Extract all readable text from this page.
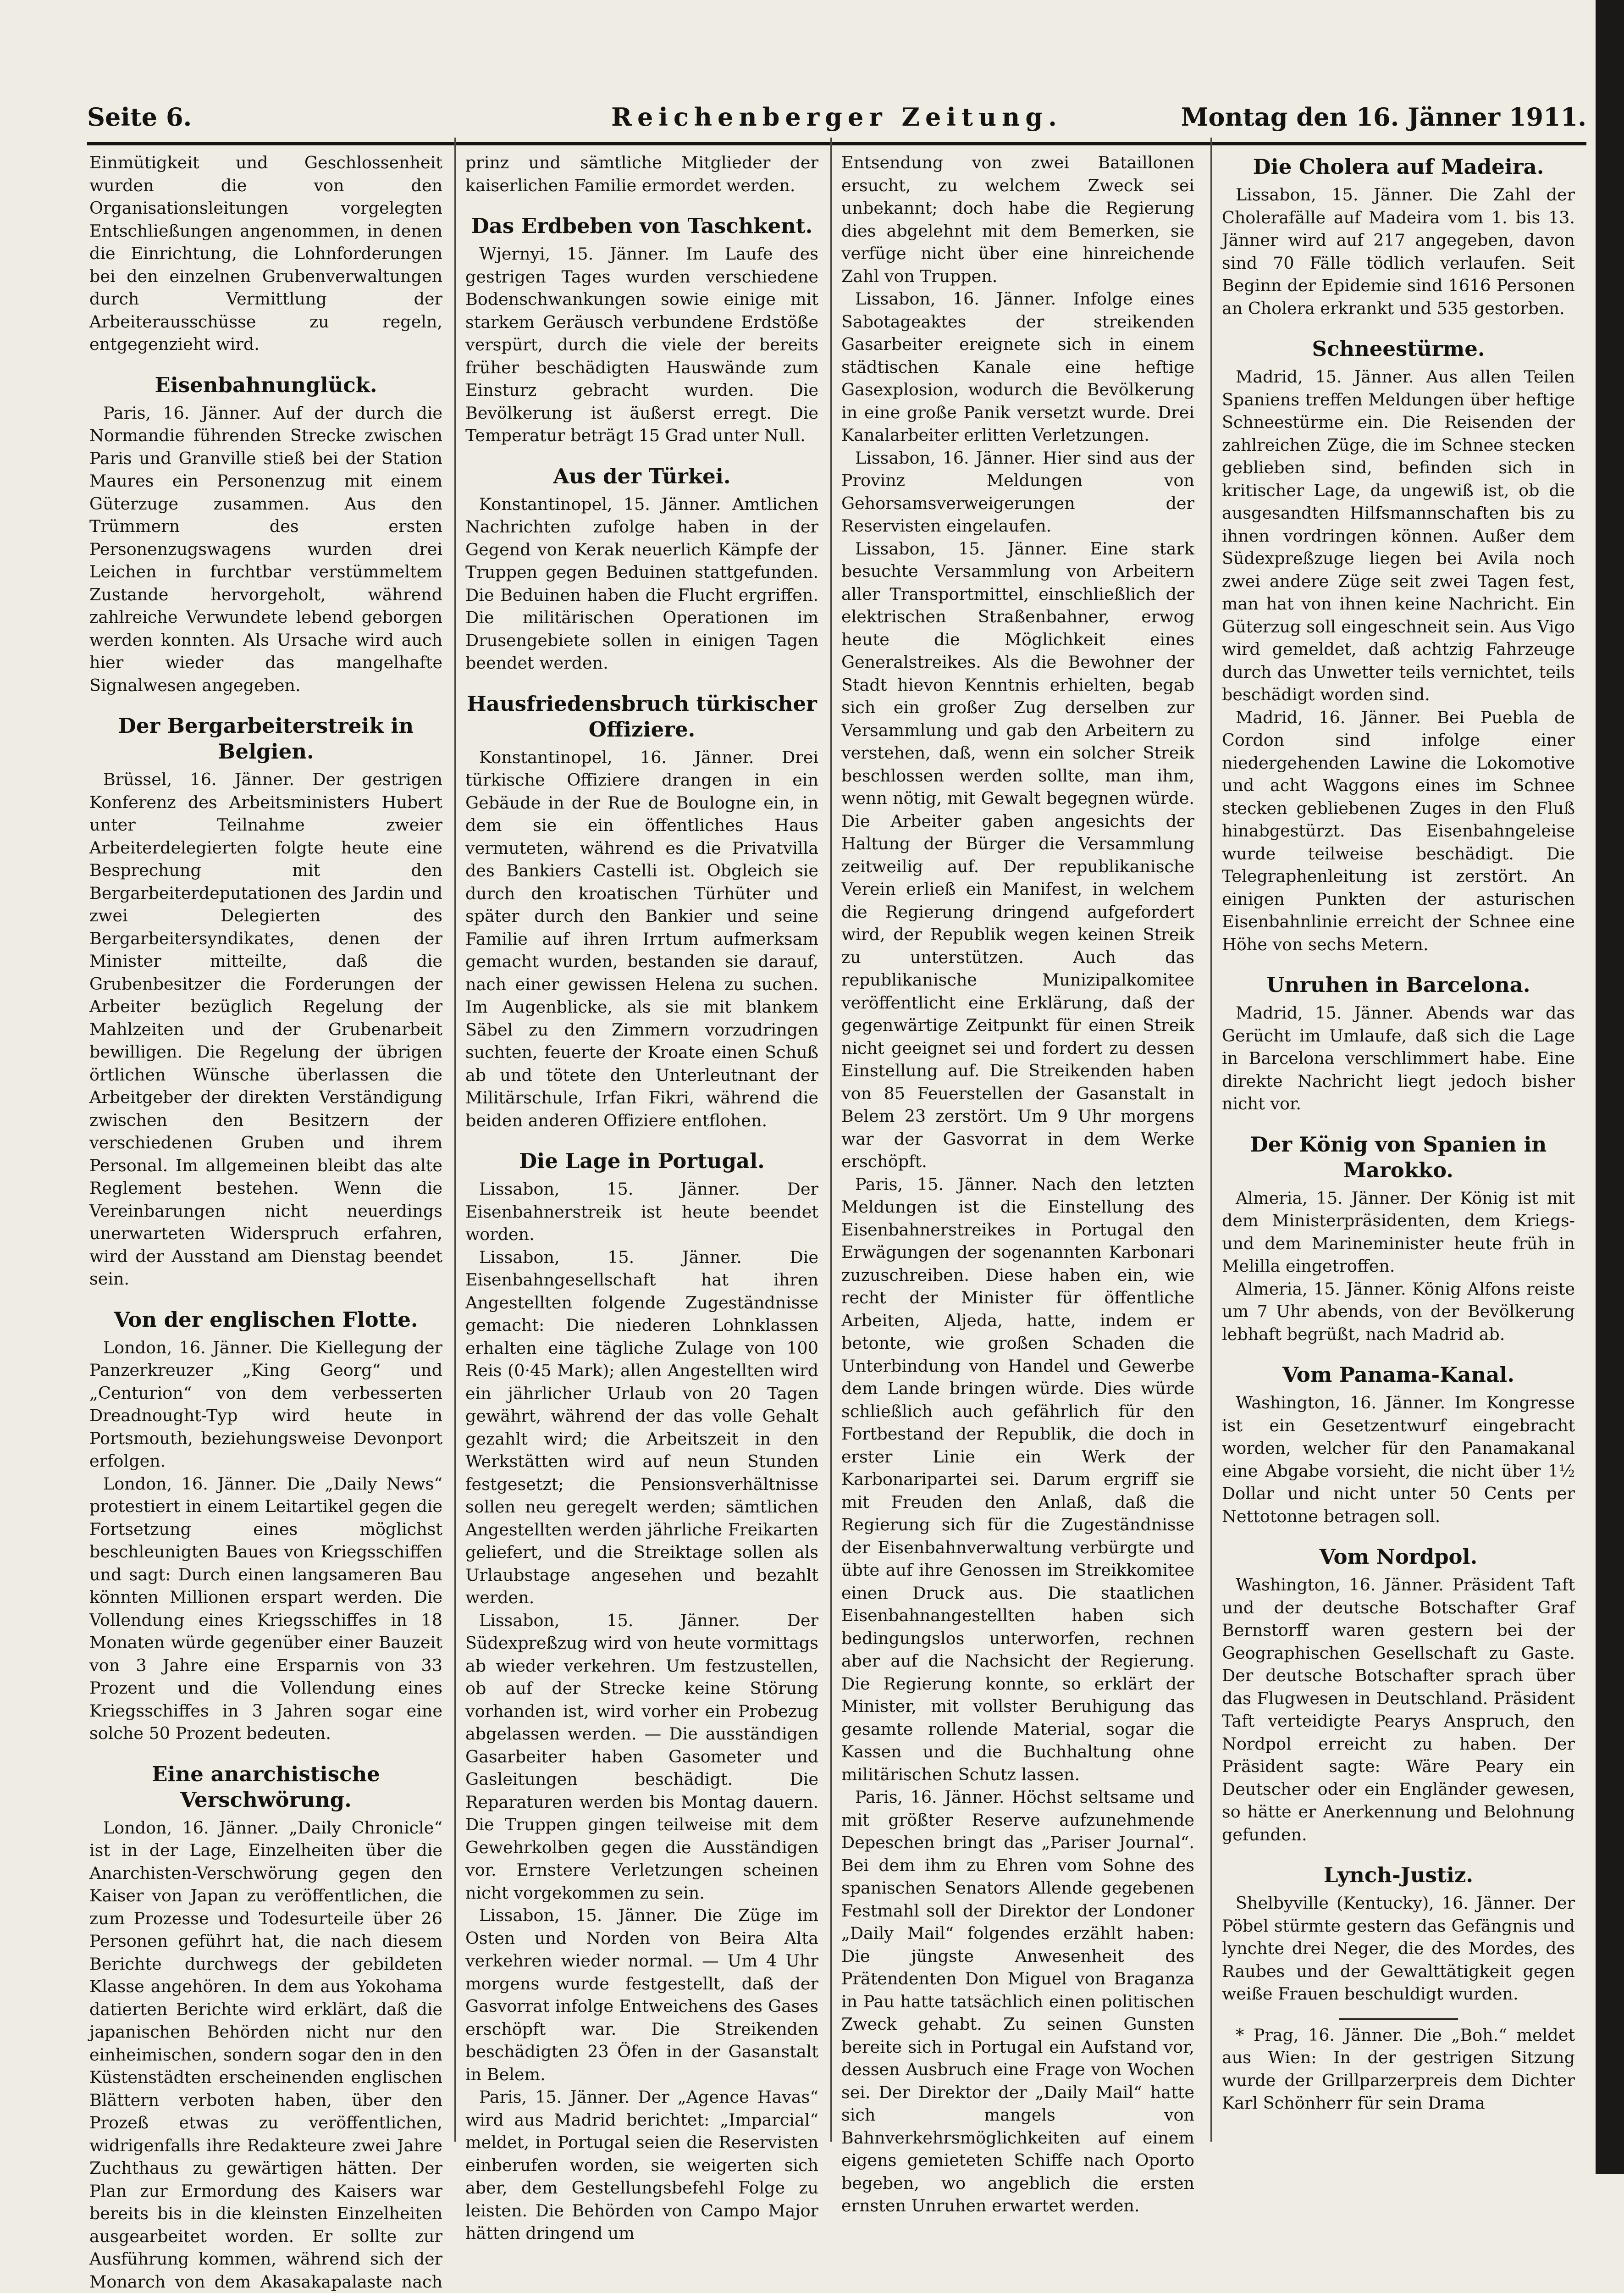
Seite 6.	Reichenberger Zeitung.	Montag den 16. Jänner 1911.

Einmütigkeit und Geschlossenheit wurden die von den Organisationsleitungen vorgelegten Entschließungen angenommen, in denen die Einrichtung, die Lohnforderungen bei den einzelnen Grubenverwaltungen durch Vermittlung der Arbeiterausschüsse zu regeln, entgegenzieht wird.

Eisenbahnunglück.

Paris, 16. Jänner. Auf der durch die Normandie führenden Strecke zwischen Paris und Granville stieß bei der Station Maures ein Personenzug mit einem Güterzuge zusammen. Aus den Trümmern des ersten Personenzugswagens wurden drei Leichen in furchtbar verstümmeltem Zustande hervorgeholt, während zahlreiche Verwundete lebend geborgen werden konnten. Als Ursache wird auch hier wieder das mangelhafte Signalwesen angegeben.

Der Bergarbeiterstreik in Belgien.

Brüssel, 16. Jänner. Der gestrigen Konferenz des Arbeitsministers Hubert unter Teilnahme zweier Arbeiterdelegierten folgte heute eine Besprechung mit den Bergarbeiterdeputationen des Jardin und zwei Delegierten des Bergarbeitersyndikates, denen der Minister mitteilte, daß die Grubenbesitzer die Forderungen der Arbeiter bezüglich Regelung der Mahlzeiten und der Grubenarbeit bewilligen. Die Regelung der übrigen örtlichen Wünsche überlassen die Arbeitgeber der direkten Verständigung zwischen den Besitzern der verschiedenen Gruben und ihrem Personal. Im allgemeinen bleibt das alte Reglement bestehen. Wenn die Vereinbarungen nicht neuerdings unerwarteten Widerspruch erfahren, wird der Ausstand am Dienstag beendet sein.

Von der englischen Flotte.

London, 16. Jänner. Die Kiellegung der Panzerkreuzer „King Georg“ und „Centurion“ von dem verbesserten Dreadnought-Typ wird heute in Portsmouth, beziehungsweise Devonport erfolgen.

London, 16. Jänner. Die „Daily News“ protestiert in einem Leitartikel gegen die Fortsetzung eines möglichst beschleunigten Baues von Kriegsschiffen und sagt: Durch einen langsameren Bau könnten Millionen erspart werden. Die Vollendung eines Kriegsschiffes in 18 Monaten würde gegenüber einer Bauzeit von 3 Jahre eine Ersparnis von 33 Prozent und die Vollendung eines Kriegsschiffes in 3 Jahren sogar eine solche 50 Prozent bedeuten.

Eine anarchistische Verschwörung.

London, 16. Jänner. „Daily Chronicle“ ist in der Lage, Einzelheiten über die Anarchisten-Verschwörung gegen den Kaiser von Japan zu veröffentlichen, die zum Prozesse und Todesurteile über 26 Personen geführt hat, die nach diesem Berichte durchwegs der gebildeten Klasse angehören. In dem aus Yokohama datierten Berichte wird erklärt, daß die japanischen Behörden nicht nur den einheimischen, sondern sogar den in den Küstenstädten erscheinenden englischen Blättern verboten haben, über den Prozeß etwas zu veröffentlichen, widrigenfalls ihre Redakteure zwei Jahre Zuchthaus zu gewärtigen hätten. Der Plan zur Ermordung des Kaisers war bereits bis in die kleinsten Einzelheiten ausgearbeitet worden. Er sollte zur Ausführung kommen, während sich der Monarch von dem Akasakapalaste nach

prinz und sämtliche Mitglieder der kaiserlichen Familie ermordet werden.

Das Erdbeben von Taschkent.

Wjernyi, 15. Jänner. Im Laufe des gestrigen Tages wurden verschiedene Bodenschwankungen sowie einige mit starkem Geräusch verbundene Erdstöße verspürt, durch die viele der bereits früher beschädigten Hauswände zum Einsturz gebracht wurden. Die Bevölkerung ist äußerst erregt. Die Temperatur beträgt 15 Grad unter Null.

Aus der Türkei.

Konstantinopel, 15. Jänner. Amtlichen Nachrichten zufolge haben in der Gegend von Kerak neuerlich Kämpfe der Truppen gegen Beduinen stattgefunden. Die Beduinen haben die Flucht ergriffen. Die militärischen Operationen im Drusengebiete sollen in einigen Tagen beendet werden.

Hausfriedensbruch türkischer Offiziere.

Konstantinopel, 16. Jänner. Drei türkische Offiziere drangen in ein Gebäude in der Rue de Boulogne ein, in dem sie ein öffentliches Haus vermuteten, während es die Privatvilla des Bankiers Castelli ist. Obgleich sie durch den kroatischen Türhüter und später durch den Bankier und seine Familie auf ihren Irrtum aufmerksam gemacht wurden, bestanden sie darauf, nach einer gewissen Helena zu suchen. Im Augenblicke, als sie mit blankem Säbel zu den Zimmern vorzudringen suchten, feuerte der Kroate einen Schuß ab und tötete den Unterleutnant der Militärschule, Irfan Fikri, während die beiden anderen Offiziere entflohen.

Die Lage in Portugal.

Lissabon, 15. Jänner. Der Eisenbahnerstreik ist heute beendet worden.

Lissabon, 15. Jänner. Die Eisenbahngesellschaft hat ihren Angestellten folgende Zugeständnisse gemacht: Die niederen Lohnklassen erhalten eine tägliche Zulage von 100 Reis (0·45 Mark); allen Angestellten wird ein jährlicher Urlaub von 20 Tagen gewährt, während der das volle Gehalt gezahlt wird; die Arbeitszeit in den Werkstätten wird auf neun Stunden festgesetzt; die Pensionsverhältnisse sollen neu geregelt werden; sämtlichen Angestellten werden jährliche Freikarten geliefert, und die Streiktage sollen als Urlaubstage angesehen und bezahlt werden.

Lissabon, 15. Jänner. Der Südexpreßzug wird von heute vormittags ab wieder verkehren. Um festzustellen, ob auf der Strecke keine Störung vorhanden ist, wird vorher ein Probezug abgelassen werden. — Die ausständigen Gasarbeiter haben Gasometer und Gasleitungen beschädigt. Die Reparaturen werden bis Montag dauern. Die Truppen gingen teilweise mit dem Gewehrkolben gegen die Ausständigen vor. Ernstere Verletzungen scheinen nicht vorgekommen zu sein.

Lissabon, 15. Jänner. Die Züge im Osten und Norden von Beira Alta verkehren wieder normal. — Um 4 Uhr morgens wurde festgestellt, daß der Gasvorrat infolge Entweichens des Gases erschöpft war. Die Streikenden beschädigten 23 Öfen in der Gasanstalt in Belem.

Paris, 15. Jänner. Der „Agence Havas“ wird aus Madrid berichtet: „Imparcial“ meldet, in Portugal seien die Reservisten einberufen worden, sie weigerten sich aber, dem Gestellungsbefehl Folge zu leisten. Die Behörden von Campo Major hätten dringend um

Entsendung von zwei Bataillonen ersucht, zu welchem Zweck sei unbekannt; doch habe die Regierung dies abgelehnt mit dem Bemerken, sie verfüge nicht über eine hinreichende Zahl von Truppen.

Lissabon, 16. Jänner. Infolge eines Sabotageaktes der streikenden Gasarbeiter ereignete sich in einem städtischen Kanale eine heftige Gasexplosion, wodurch die Bevölkerung in eine große Panik versetzt wurde. Drei Kanalarbeiter erlitten Verletzungen.

Lissabon, 16. Jänner. Hier sind aus der Provinz Meldungen von Gehorsamsverweigerungen der Reservisten eingelaufen.

Lissabon, 15. Jänner. Eine stark besuchte Versammlung von Arbeitern aller Transportmittel, einschließlich der elektrischen Straßenbahner, erwog heute die Möglichkeit eines Generalstreikes. Als die Bewohner der Stadt hievon Kenntnis erhielten, begab sich ein großer Zug derselben zur Versammlung und gab den Arbeitern zu verstehen, daß, wenn ein solcher Streik beschlossen werden sollte, man ihm, wenn nötig, mit Gewalt begegnen würde. Die Arbeiter gaben angesichts der Haltung der Bürger die Versammlung zeitweilig auf. Der republikanische Verein erließ ein Manifest, in welchem die Regierung dringend aufgefordert wird, der Republik wegen keinen Streik zu unterstützen. Auch das republikanische Munizipalkomitee veröffentlicht eine Erklärung, daß der gegenwärtige Zeitpunkt für einen Streik nicht geeignet sei und fordert zu dessen Einstellung auf. Die Streikenden haben von 85 Feuerstellen der Gasanstalt in Belem 23 zerstört. Um 9 Uhr morgens war der Gasvorrat in dem Werke erschöpft.

Paris, 15. Jänner. Nach den letzten Meldungen ist die Einstellung des Eisenbahnerstreikes in Portugal den Erwägungen der sogenannten Karbonari zuzuschreiben. Diese haben ein, wie recht der Minister für öffentliche Arbeiten, Aljeda, hatte, indem er betonte, wie großen Schaden die Unterbindung von Handel und Gewerbe dem Lande bringen würde. Dies würde schließlich auch gefährlich für den Fortbestand der Republik, die doch in erster Linie ein Werk der Karbonaripartei sei. Darum ergriff sie mit Freuden den Anlaß, daß die Regierung sich für die Zugeständnisse der Eisenbahnverwaltung verbürgte und übte auf ihre Genossen im Streikkomitee einen Druck aus. Die staatlichen Eisenbahnangestellten haben sich bedingungslos unterworfen, rechnen aber auf die Nachsicht der Regierung. Die Regierung konnte, so erklärt der Minister, mit vollster Beruhigung das gesamte rollende Material, sogar die Kassen und die Buchhaltung ohne militärischen Schutz lassen.

Paris, 16. Jänner. Höchst seltsame und mit größter Reserve aufzunehmende Depeschen bringt das „Pariser Journal“. Bei dem ihm zu Ehren vom Sohne des spanischen Senators Allende gegebenen Festmahl soll der Direktor der Londoner „Daily Mail“ folgendes erzählt haben: Die jüngste Anwesenheit des Prätendenten Don Miguel von Braganza in Pau hatte tatsächlich einen politischen Zweck gehabt. Zu seinen Gunsten bereite sich in Portugal ein Aufstand vor, dessen Ausbruch eine Frage von Wochen sei. Der Direktor der „Daily Mail“ hatte sich mangels von Bahnverkehrsmöglichkeiten auf einem eigens gemieteten Schiffe nach Oporto begeben, wo angeblich die ersten ernsten Unruhen erwartet werden.

Die Cholera auf Madeira.

Lissabon, 15. Jänner. Die Zahl der Cholerafälle auf Madeira vom 1. bis 13. Jänner wird auf 217 angegeben, davon sind 70 Fälle tödlich verlaufen. Seit Beginn der Epidemie sind 1616 Personen an Cholera erkrankt und 535 gestorben.

Schneestürme.

Madrid, 15. Jänner. Aus allen Teilen Spaniens treffen Meldungen über heftige Schneestürme ein. Die Reisenden der zahlreichen Züge, die im Schnee stecken geblieben sind, befinden sich in kritischer Lage, da ungewiß ist, ob die ausgesandten Hilfsmannschaften bis zu ihnen vordringen können. Außer dem Südexpreßzuge liegen bei Avila noch zwei andere Züge seit zwei Tagen fest, man hat von ihnen keine Nachricht. Ein Güterzug soll eingeschneit sein. Aus Vigo wird gemeldet, daß achtzig Fahrzeuge durch das Unwetter teils vernichtet, teils beschädigt worden sind.

Madrid, 16. Jänner. Bei Puebla de Cordon sind infolge einer niedergehenden Lawine die Lokomotive und acht Waggons eines im Schnee stecken gebliebenen Zuges in den Fluß hinabgestürzt. Das Eisenbahngeleise wurde teilweise beschädigt. Die Telegraphenleitung ist zerstört. An einigen Punkten der asturischen Eisenbahnlinie erreicht der Schnee eine Höhe von sechs Metern.

Unruhen in Barcelona.

Madrid, 15. Jänner. Abends war das Gerücht im Umlaufe, daß sich die Lage in Barcelona verschlimmert habe. Eine direkte Nachricht liegt jedoch bisher nicht vor.

Der König von Spanien in Marokko.

Almeria, 15. Jänner. Der König ist mit dem Ministerpräsidenten, dem Kriegs- und dem Marineminister heute früh in Melilla eingetroffen.

Almeria, 15. Jänner. König Alfons reiste um 7 Uhr abends, von der Bevölkerung lebhaft begrüßt, nach Madrid ab.

Vom Panama-Kanal.

Washington, 16. Jänner. Im Kongresse ist ein Gesetzentwurf eingebracht worden, welcher für den Panamakanal eine Abgabe vorsieht, die nicht über 1½ Dollar und nicht unter 50 Cents per Nettotonne betragen soll.

Vom Nordpol.

Washington, 16. Jänner. Präsident Taft und der deutsche Botschafter Graf Bernstorff waren gestern bei der Geographischen Gesellschaft zu Gaste. Der deutsche Botschafter sprach über das Flugwesen in Deutschland. Präsident Taft verteidigte Pearys Anspruch, den Nordpol erreicht zu haben. Der Präsident sagte: Wäre Peary ein Deutscher oder ein Engländer gewesen, so hätte er Anerkennung und Belohnung gefunden.

Lynch-Justiz.

Shelbyville (Kentucky), 16. Jänner. Der Pöbel stürmte gestern das Gefängnis und lynchte drei Neger, die des Mordes, des Raubes und der Gewalttätigkeit gegen weiße Frauen beschuldigt wurden.

* Prag, 16. Jänner. Die „Boh.“ meldet aus Wien: In der gestrigen Sitzung wurde der Grillparzerpreis dem Dichter Karl Schönherr für sein Drama
